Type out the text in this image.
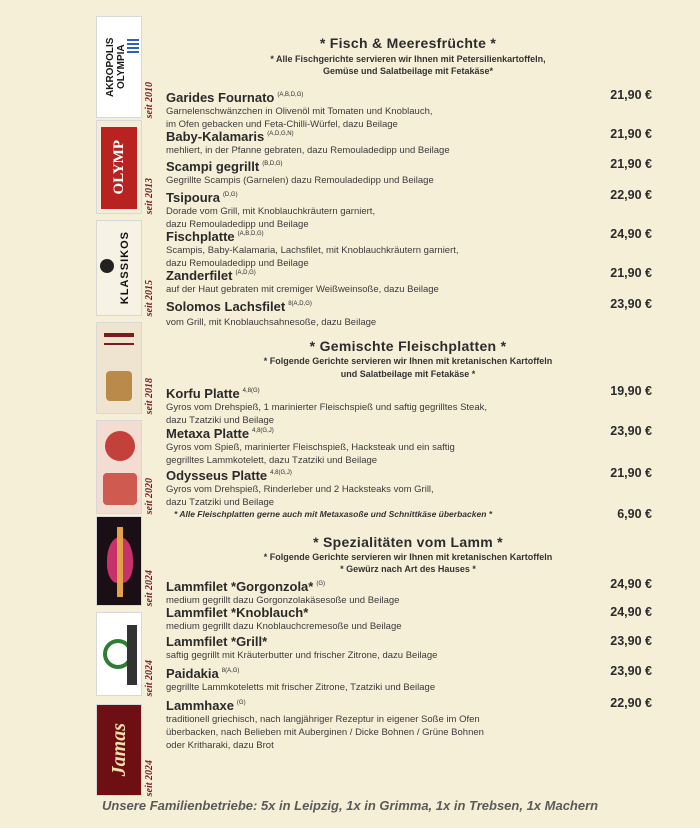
AKROPOLIS OLYMPIA
seit 2010
OLYMP
seit 2013
KLASSIKOS seit 2015
seit 2018
seit 2020
seit 2024
seit 2024
Jamas
seit 2024
* Fisch & Meeresfrüchte *
* Alle Fischgerichte servieren wir Ihnen mit Petersilienkartoffeln,
Gemüse und Salatbeilage mit Fetakäse*
Garides Fournato $^{(A,B,D,G)}$
Garnelenschwänzchen in Olivenöl mit Tomaten und Knoblauch,
im Ofen gebacken und Feta-Chilli-Würfel, dazu Beilage
21,90 €
Baby-Kalamaris $^{(A,D,G,N)}$
mehliert, in der Pfanne gebraten, dazu Remouladedipp und Beilage
21,90 €
Scampi gegrillt $^{(B,D,G)}$
Gegrillte Scampis (Garnelen) dazu Remouladedipp und Beilage
21,90 €
Tsipoura $^{(D,G)}$
Dorade vom Grill, mit Knoblauchkräutern garniert,
dazu Remouladedipp und Beilage
22,90 €
Fischplatte $^{(A,B,D,G)}$
Scampis, Baby-Kalamaria, Lachsfilet, mit Knoblauchkräutern garniert,
dazu Remouladedipp und Beilage
24,90 €
Zanderfilet $^{(A,D,G)}$
auf der Haut gebraten mit cremiger Weißweinsoße, dazu Beilage
21,90 €
Solomos Lachsfilet $^{8(A,D,G)}$
vom Grill, mit Knoblauchsahnesoße, dazu Beilage
23,90 €
* Gemischte Fleischplatten *
* Folgende Gerichte servieren wir Ihnen mit kretanischen Kartoffeln
und Salatbeilage mit Fetakäse *
Korfu Platte $^{4,8(G)}$
Gyros vom Drehspieß, 1 marinierter Fleischspieß und saftig gegrilltes Steak,
dazu Tzatziki und Beilage
19,90 €
Metaxa Platte $^{4,8(G,J)}$
Gyros vom Spieß, marinierter Fleischspieß, Hacksteak und ein saftig
gegrilltes Lammkotelett, dazu Tzatziki und Beilage
23,90 €
Odysseus Platte $^{4,8(G,J)}$
Gyros vom Drehspieß, Rinderleber und 2 Hacksteaks vom Grill,
dazu Tzatziki und Beilage
21,90 €
* Alle Fleischplatten gerne auch mit Metaxasoße und Schnittkäse überbacken *	6,90 €
* Spezialitäten vom Lamm *
* Folgende Gerichte servieren wir Ihnen mit kretanischen Kartoffeln
* Gewürz nach Art des Hauses *
Lammfilet *Gorgonzola* $^{(G)}$
medium gegrillt dazu Gorgonzolakäsesoße und Beilage
24,90 €
Lammfilet *Knoblauch*
medium gegrillt dazu Knoblauchcremesoße und Beilage
24,90 €
Lammfilet *Grill*
saftig gegrillt mit Kräuterbutter und frischer Zitrone, dazu Beilage
23,90 €
Paidakia $^{8(A,G)}$
gegrillte Lammkoteletts mit frischer Zitrone, Tzatziki und Beilage
23,90 €
Lammhaxe $^{(G)}$
traditionell griechisch, nach langjähriger Rezeptur in eigener Soße im Ofen
überbacken, nach Belieben mit Auberginen / Dicke Bohnen / Grüne Bohnen
oder Kritharaki, dazu Brot
22,90 €
Unsere Familienbetriebe: 5x in Leipzig, 1x in Grimma, 1x in Trebsen, 1x Machern
